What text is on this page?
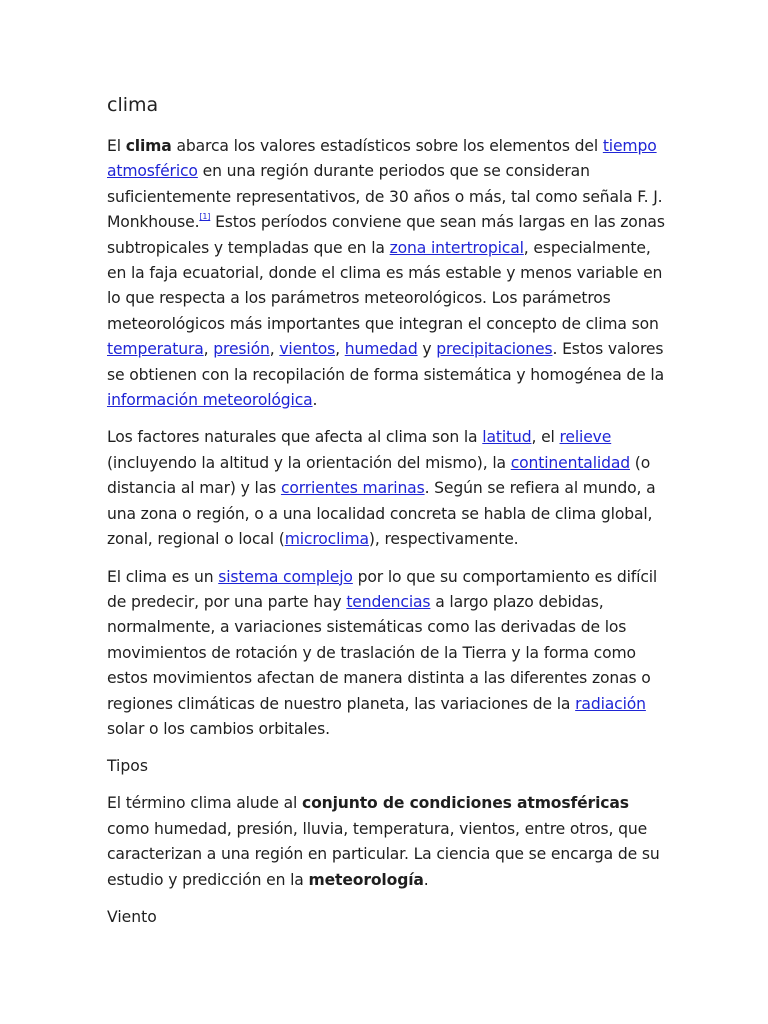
clima

El clima abarca los valores estadísticos sobre los elementos del tiempo atmosférico en una región durante periodos que se consideran suficientemente representativos, de 30 años o más, tal como señala F. J. Monkhouse.[1] Estos períodos conviene que sean más largas en las zonas subtropicales y templadas que en la zona intertropical, especialmente, en la faja ecuatorial, donde el clima es más estable y menos variable en lo que respecta a los parámetros meteorológicos. Los parámetros meteorológicos más importantes que integran el concepto de clima son temperatura, presión, vientos, humedad y precipitaciones. Estos valores se obtienen con la recopilación de forma sistemática y homogénea de la información meteorológica.

Los factores naturales que afecta al clima son la latitud, el relieve (incluyendo la altitud y la orientación del mismo), la continentalidad (o distancia al mar) y las corrientes marinas. Según se refiera al mundo, a una zona o región, o a una localidad concreta se habla de clima global, zonal, regional o local (microclima), respectivamente.

El clima es un sistema complejo por lo que su comportamiento es difícil de predecir, por una parte hay tendencias a largo plazo debidas, normalmente, a variaciones sistemáticas como las derivadas de los movimientos de rotación y de traslación de la Tierra y la forma como estos movimientos afectan de manera distinta a las diferentes zonas o regiones climáticas de nuestro planeta, las variaciones de la radiación solar o los cambios orbitales.

Tipos

El término clima alude al conjunto de condiciones atmosféricas como humedad, presión, lluvia, temperatura, vientos, entre otros, que caracterizan a una región en particular. La ciencia que se encarga de su estudio y predicción en la meteorología.

Viento
